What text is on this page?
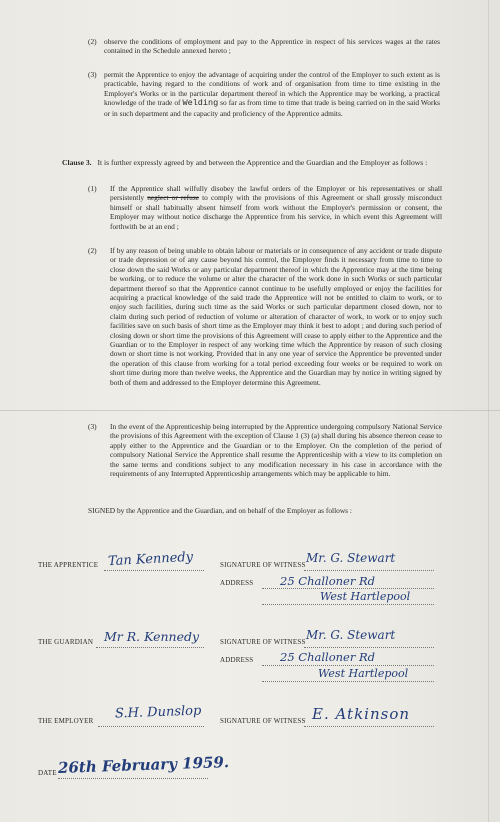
(2) observe the conditions of employment and pay to the Apprentice in respect of his services wages at the rates contained in the Schedule annexed hereto ;

(3) permit the Apprentice to enjoy the advantage of acquiring under the control of the Employer to such extent as is practicable, having regard to the conditions of work and of organisation from time to time existing in the Employer's Works or in the particular department thereof in which the Apprentice may be working, a practical knowledge of the trade of Welding so far as from time to time that trade is being carried on in the said Works or in such department and the capacity and proficiency of the Apprentice admits.

Clause 3. It is further expressly agreed by and between the Apprentice and the Guardian and the Employer as follows :

(1) If the Apprentice shall wilfully disobey the lawful orders of the Employer or his representatives or shall persistently neglect or refuse to comply with the provisions of this Agreement or shall grossly misconduct himself or shall habitually absent himself from work without the Employer's permission or consent, the Employer may without notice discharge the Apprentice from his service, in which event this Agreement will forthwith be at an end ;

(2) If by any reason of being unable to obtain labour or materials or in consequence of any accident or trade dispute or trade depression or of any cause beyond his control, the Employer finds it necessary from time to time to close down the said Works or any particular department thereof in which the Apprentice may at the time being be working, or to reduce the volume or alter the character of the work done in such Works or such particular department thereof so that the Apprentice cannot continue to be usefully employed or enjoy the facilities for acquiring a practical knowledge of the said trade the Apprentice will not be entitled to claim to work, or to enjoy such facilities, during such time as the said Works or such particular department closed down, nor to claim during such period of reduction of volume or alteration of character of work, to work or to enjoy such facilities save on such basis of short time as the Employer may think it best to adopt ; and during such period of closing down or short time the provisions of this Agreement will cease to apply either to the Apprentice and the Guardian or to the Employer in respect of any working time which the Apprentice by reason of such closing down or short time is not working. Provided that in any one year of service the Apprentice be prevented under the operation of this clause from working for a total period exceeding four weeks or be required to work on short time during more than twelve weeks, the Apprentice and the Guardian may by notice in writing signed by both of them and addressed to the Employer determine this Agreement.

(3) In the event of the Apprenticeship being interrupted by the Apprentice undergoing compulsory National Service the provisions of this Agreement with the exception of Clause 1 (3) (a) shall during his absence thereon cease to apply either to the Apprentice and the Guardian or to the Employer. On the completion of the period of compulsory National Service the Apprentice shall resume the Apprenticeship with a view to its completion on the same terms and conditions subject to any modification necessary in his case in accordance with the requirements of any Interrupted Apprenticeship arrangements which may be applicable to him.

SIGNED by the Apprentice and the Guardian, and on behalf of the Employer as follows :

THE APPRENTICE Tan Kennedy	SIGNATURE OF WITNESS Mr. G. Stewart
ADDRESS 25 Challoner Rd
West Hartlepool
THE GUARDIAN Mr R. Kennedy	SIGNATURE OF WITNESS Mr. G. Stewart
ADDRESS 25 Challoner Rd
West Hartlepool
THE EMPLOYER S.H. Dunslop	SIGNATURE OF WITNESS E. Atkinson
DATE 26th February 1959.
